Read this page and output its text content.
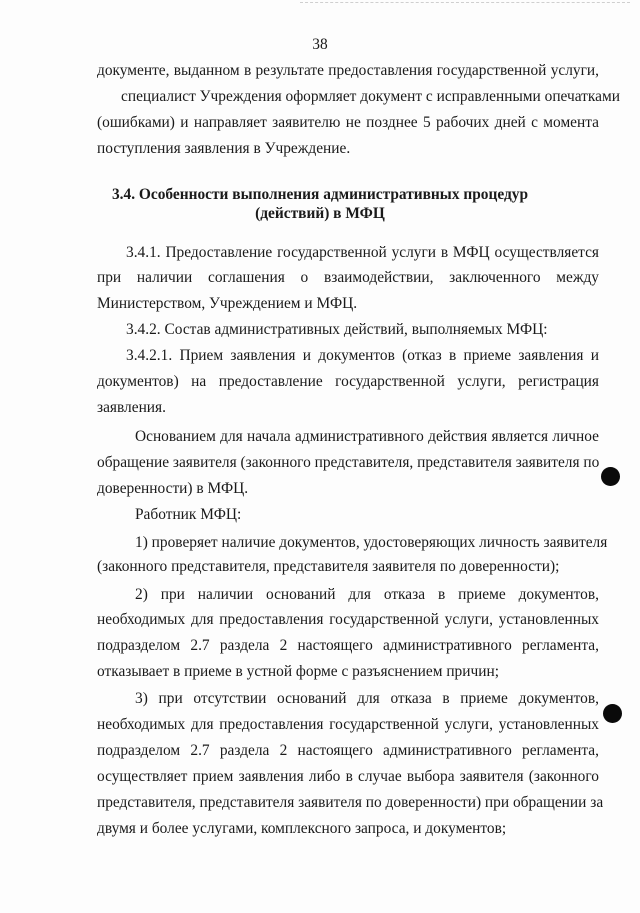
38
документе, выданном в результате предоставления государственной услуги,
специалист Учреждения оформляет документ с исправленными опечатками
(ошибками) и направляет заявителю не позднее 5 рабочих дней с момента
поступления заявления в Учреждение.
3.4. Особенности выполнения административных процедур
(действий) в МФЦ
3.4.1. Предоставление государственной услуги в МФЦ осуществляется
при наличии соглашения о взаимодействии, заключенного между
Министерством, Учреждением и МФЦ.
3.4.2. Состав административных действий, выполняемых МФЦ:
3.4.2.1. Прием заявления и документов (отказ в приеме заявления и
документов) на предоставление государственной услуги, регистрация
заявления.
Основанием для начала административного действия является личное
обращение заявителя (законного представителя, представителя заявителя по
доверенности) в МФЦ.
Работник МФЦ:
1) проверяет наличие документов, удостоверяющих личность заявителя
(законного представителя, представителя заявителя по доверенности);
2) при наличии оснований для отказа в приеме документов,
необходимых для предоставления государственной услуги, установленных
подразделом 2.7 раздела 2 настоящего административного регламента,
отказывает в приеме в устной форме с разъяснением причин;
3) при отсутствии оснований для отказа в приеме документов,
необходимых для предоставления государственной услуги, установленных
подразделом 2.7 раздела 2 настоящего административного регламента,
осуществляет прием заявления либо в случае выбора заявителя (законного
представителя, представителя заявителя по доверенности) при обращении за
двумя и более услугами, комплексного запроса, и документов;
